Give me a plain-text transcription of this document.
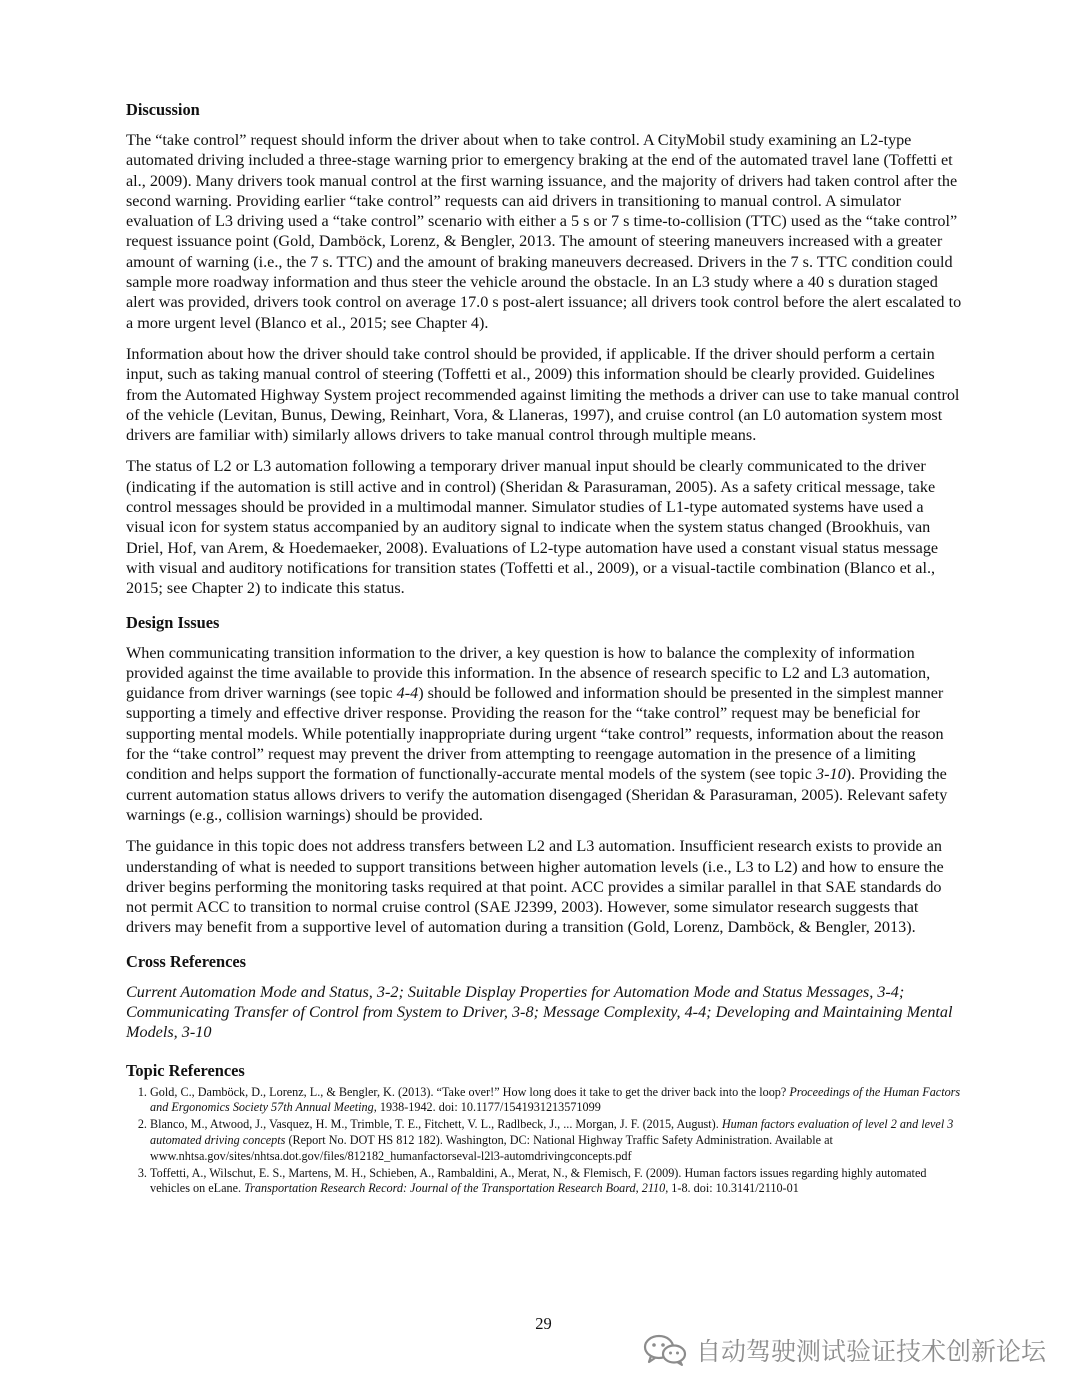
Discussion

The “take control” request should inform the driver about when to take control. A CityMobil study examining an L2-type automated driving included a three-stage warning prior to emergency braking at the end of the automated travel lane (Toffetti et al., 2009). Many drivers took manual control at the first warning issuance, and the majority of drivers had taken control after the second warning. Providing earlier “take control” requests can aid drivers in transitioning to manual control. A simulator evaluation of L3 driving used a “take control” scenario with either a 5 s or 7 s time-to-collision (TTC) used as the “take control” request issuance point (Gold, Damböck, Lorenz, & Bengler, 2013. The amount of steering maneuvers increased with a greater amount of warning (i.e., the 7 s. TTC) and the amount of braking maneuvers decreased. Drivers in the 7 s. TTC condition could sample more roadway information and thus steer the vehicle around the obstacle. In an L3 study where a 40 s duration staged alert was provided, drivers took control on average 17.0 s post-alert issuance; all drivers took control before the alert escalated to a more urgent level (Blanco et al., 2015; see Chapter 4).

Information about how the driver should take control should be provided, if applicable. If the driver should perform a certain input, such as taking manual control of steering (Toffetti et al., 2009) this information should be clearly provided. Guidelines from the Automated Highway System project recommended against limiting the methods a driver can use to take manual control of the vehicle (Levitan, Bunus, Dewing, Reinhart, Vora, & Llaneras, 1997), and cruise control (an L0 automation system most drivers are familiar with) similarly allows drivers to take manual control through multiple means.

The status of L2 or L3 automation following a temporary driver manual input should be clearly communicated to the driver (indicating if the automation is still active and in control) (Sheridan & Parasuraman, 2005). As a safety critical message, take control messages should be provided in a multimodal manner. Simulator studies of L1-type automated systems have used a visual icon for system status accompanied by an auditory signal to indicate when the system status changed (Brookhuis, van Driel, Hof, van Arem, & Hoedemaeker, 2008). Evaluations of L2-type automation have used a constant visual status message with visual and auditory notifications for transition states (Toffetti et al., 2009), or a visual-tactile combination (Blanco et al., 2015; see Chapter 2) to indicate this status.

Design Issues

When communicating transition information to the driver, a key question is how to balance the complexity of information provided against the time available to provide this information. In the absence of research specific to L2 and L3 automation, guidance from driver warnings (see topic 4-4) should be followed and information should be presented in the simplest manner supporting a timely and effective driver response. Providing the reason for the “take control” request may be beneficial for supporting mental models. While potentially inappropriate during urgent “take control” requests, information about the reason for the “take control” request may prevent the driver from attempting to reengage automation in the presence of a limiting condition and helps support the formation of functionally-accurate mental models of the system (see topic 3-10). Providing the current automation status allows drivers to verify the automation disengaged (Sheridan & Parasuraman, 2005). Relevant safety warnings (e.g., collision warnings) should be provided.

The guidance in this topic does not address transfers between L2 and L3 automation. Insufficient research exists to provide an understanding of what is needed to support transitions between higher automation levels (i.e., L3 to L2) and how to ensure the driver begins performing the monitoring tasks required at that point. ACC provides a similar parallel in that SAE standards do not permit ACC to transition to normal cruise control (SAE J2399, 2003). However, some simulator research suggests that drivers may benefit from a supportive level of automation during a transition (Gold, Lorenz, Damböck, & Bengler, 2013).

Cross References

Current Automation Mode and Status, 3-2; Suitable Display Properties for Automation Mode and Status Messages, 3-4; Communicating Transfer of Control from System to Driver, 3-8; Message Complexity, 4-4; Developing and Maintaining Mental Models, 3-10

Topic References
1. Gold, C., Damböck, D., Lorenz, L., & Bengler, K. (2013). “Take over!” How long does it take to get the driver back into the loop? Proceedings of the Human Factors and Ergonomics Society 57th Annual Meeting, 1938-1942. doi: 10.1177/1541931213571099
2. Blanco, M., Atwood, J., Vasquez, H. M., Trimble, T. E., Fitchett, V. L., Radlbeck, J., ... Morgan, J. F. (2015, August). Human factors evaluation of level 2 and level 3 automated driving concepts (Report No. DOT HS 812 182). Washington, DC: National Highway Traffic Safety Administration. Available at www.nhtsa.gov/sites/nhtsa.dot.gov/files/812182_humanfactorseval-l2l3-automdrivingconcepts.pdf
3. Toffetti, A., Wilschut, E. S., Martens, M. H., Schieben, A., Rambaldini, A., Merat, N., & Flemisch, F. (2009). Human factors issues regarding highly automated vehicles on eLane. Transportation Research Record: Journal of the Transportation Research Board, 2110, 1-8. doi: 10.3141/2110-01
29
自动驾驶测试验证技术创新论坛
